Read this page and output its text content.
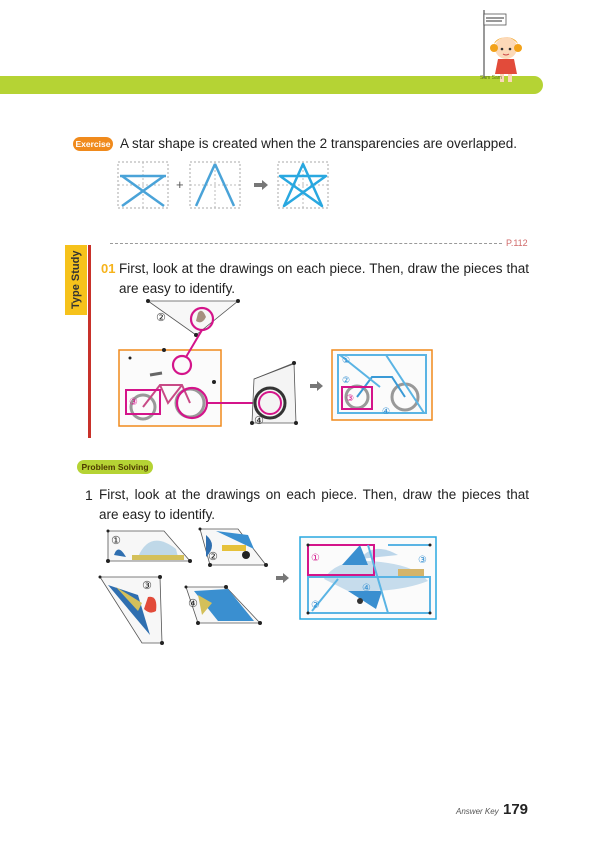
Sam Sam
Exercise A star shape is created when the 2 transparencies are overlapped.
+
P.112
Type Study	01 First, look at the drawings on each piece. Then, draw the pieces that are easy to identify.
②
③
④
①
②
③
④
Problem Solving
1 First, look at the drawings on each piece. Then, draw the pieces that are easy to identify.
①
②
③
④
①
②
③
④
Answer Key 179
